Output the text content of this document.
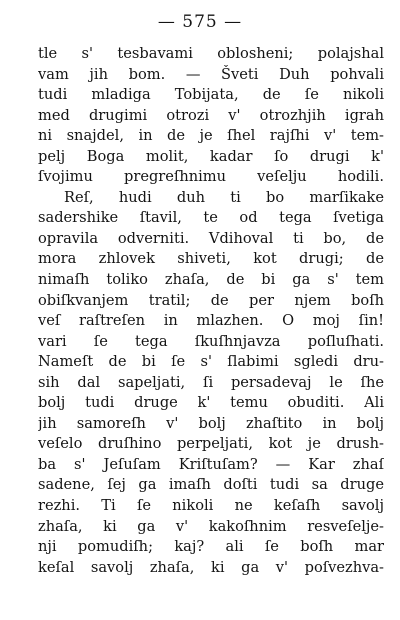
— 575 —
tle s' tesbavami oblosheni; polajshal
vam jih bom. — Šveti Duh pohvali
tudi mladiga Tobijata, de ſe nikoli
med drugimi otrozi v' otrozhjih igrah
ni snajdel, in de je ſhel rajſhi v' tem-
pelj Boga molit, kadar ſo drugi k'
ſvojimu pregreſhnimu veſelju hodili.
Reſ, hudi duh ti bo marſikake
sadershike ſtavil, te od tega ſvetiga
opravila odverniti. Vdihoval ti bo, de
mora zhlovek shiveti, kot drugi; de
nimaſh toliko zhaſa, de bi ga s' tem
obiſkvanjem tratil; de per njem boſh
veſ raſtreſen in mlazhen. O moj ſin!
vari ſe tega ſkuſhnjavza poſluſhati.
Nameſt de bi ſe s' ſlabimi sgledi dru-
sih dal sapeljati, ſi persadevaj le ſhe
bolj tudi druge k' temu obuditi. Ali
jih samoreſh v' bolj zhaſtito in bolj
veſelo druſhino perpeljati, kot je drush-
ba s' Jeſuſam Kriſtuſam? — Kar zhaſ
sadene, ſej ga imaſh doſti tudi sa druge
rezhi. Ti ſe nikoli ne keſaſh savolj
zhaſa, ki ga v' kakoſhnim resveſelje-
nji pomudiſh; kaj? ali ſe boſh mar
keſal savolj zhaſa, ki ga v' poſvezhva-
